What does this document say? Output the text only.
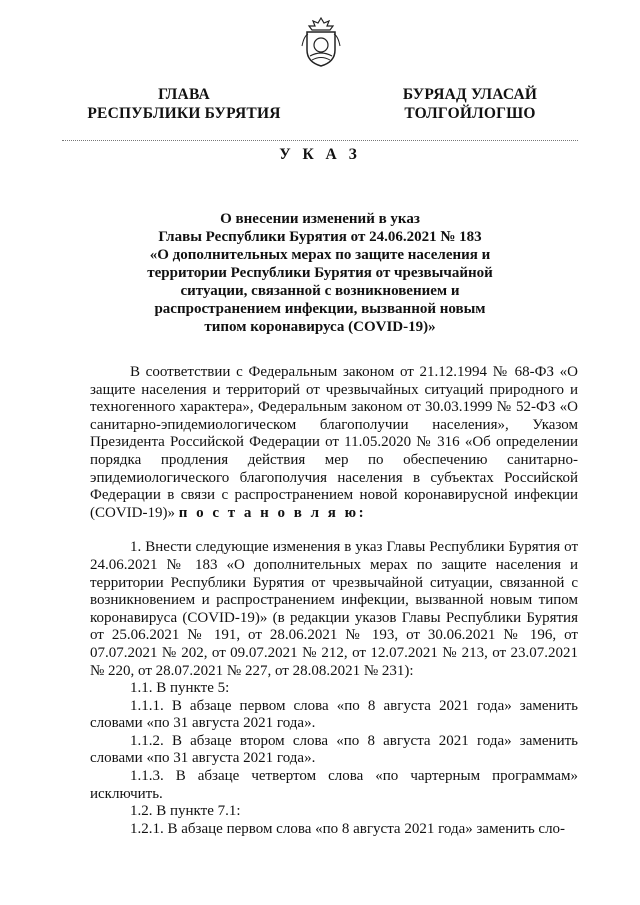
ГЛАВА
РЕСПУБЛИКИ БУРЯТИЯ
БУРЯАД УЛАСАЙ
ТОЛГОЙЛОГШО
У К А З
О внесении изменений в указ
Главы Республики Бурятия от 24.06.2021 № 183
«О дополнительных мерах по защите населения и
территории Республики Бурятия от чрезвычайной
ситуации, связанной с возникновением и
распространением инфекции, вызванной новым
типом коронавируса (COVID-19)»

В соответствии с Федеральным законом от 21.12.1994 № 68-ФЗ «О защите населения и территорий от чрезвычайных ситуаций природного и техногенного характера», Федеральным законом от 30.03.1999 № 52-ФЗ «О санитарно-эпидемиологическом благополучии населения», Указом Президента Российской Федерации от 11.05.2020 № 316 «Об определении порядка продления действия мер по обеспечению санитарно-эпидемиологического благополучия населения в субъектах Российской Федерации в связи с распространением новой коронавирусной инфекции (COVID-19)» п о с т а н о в л я ю:

1. Внести следующие изменения в указ Главы Республики Бурятия от 24.06.2021 № 183 «О дополнительных мерах по защите населения и территории Республики Бурятия от чрезвычайной ситуации, связанной с возникновением и распространением инфекции, вызванной новым типом коронавируса (COVID-19)» (в редакции указов Главы Республики Бурятия от 25.06.2021 № 191, от 28.06.2021 № 193, от 30.06.2021 № 196, от 07.07.2021 № 202, от 09.07.2021 № 212, от 12.07.2021 № 213, от 23.07.2021 № 220, от 28.07.2021 № 227, от 28.08.2021 № 231):

1.1. В пункте 5:

1.1.1. В абзаце первом слова «по 8 августа 2021 года» заменить словами «по 31 августа 2021 года».

1.1.2. В абзаце втором слова «по 8 августа 2021 года» заменить словами «по 31 августа 2021 года».

1.1.3. В абзаце четвертом слова «по чартерным программам» исключить.

1.2. В пункте 7.1:

1.2.1. В абзаце первом слова «по 8 августа 2021 года» заменить сло-
